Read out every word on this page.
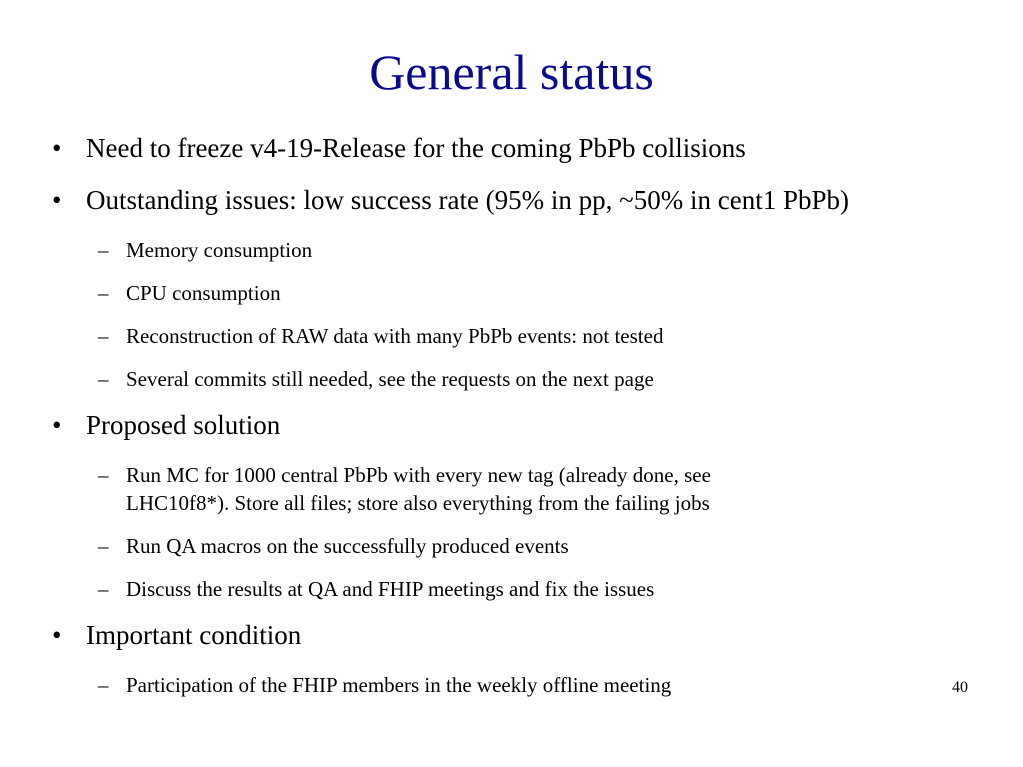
General status
• Need to freeze v4-19-Release for the coming PbPb collisions
• Outstanding issues: low success rate (95% in pp, ~50% in cent1 PbPb)
– Memory consumption
– CPU consumption
– Reconstruction of RAW data with many PbPb events: not tested
– Several commits still needed, see the requests on the next page
• Proposed solution
– Run MC for 1000 central PbPb with every new tag (already done, see
LHC10f8*). Store all files; store also everything from the failing jobs
– Run QA macros on the successfully produced events
– Discuss the results at QA and FHIP meetings and fix the issues
• Important condition
– Participation of the FHIP members in the weekly offline meeting	40
